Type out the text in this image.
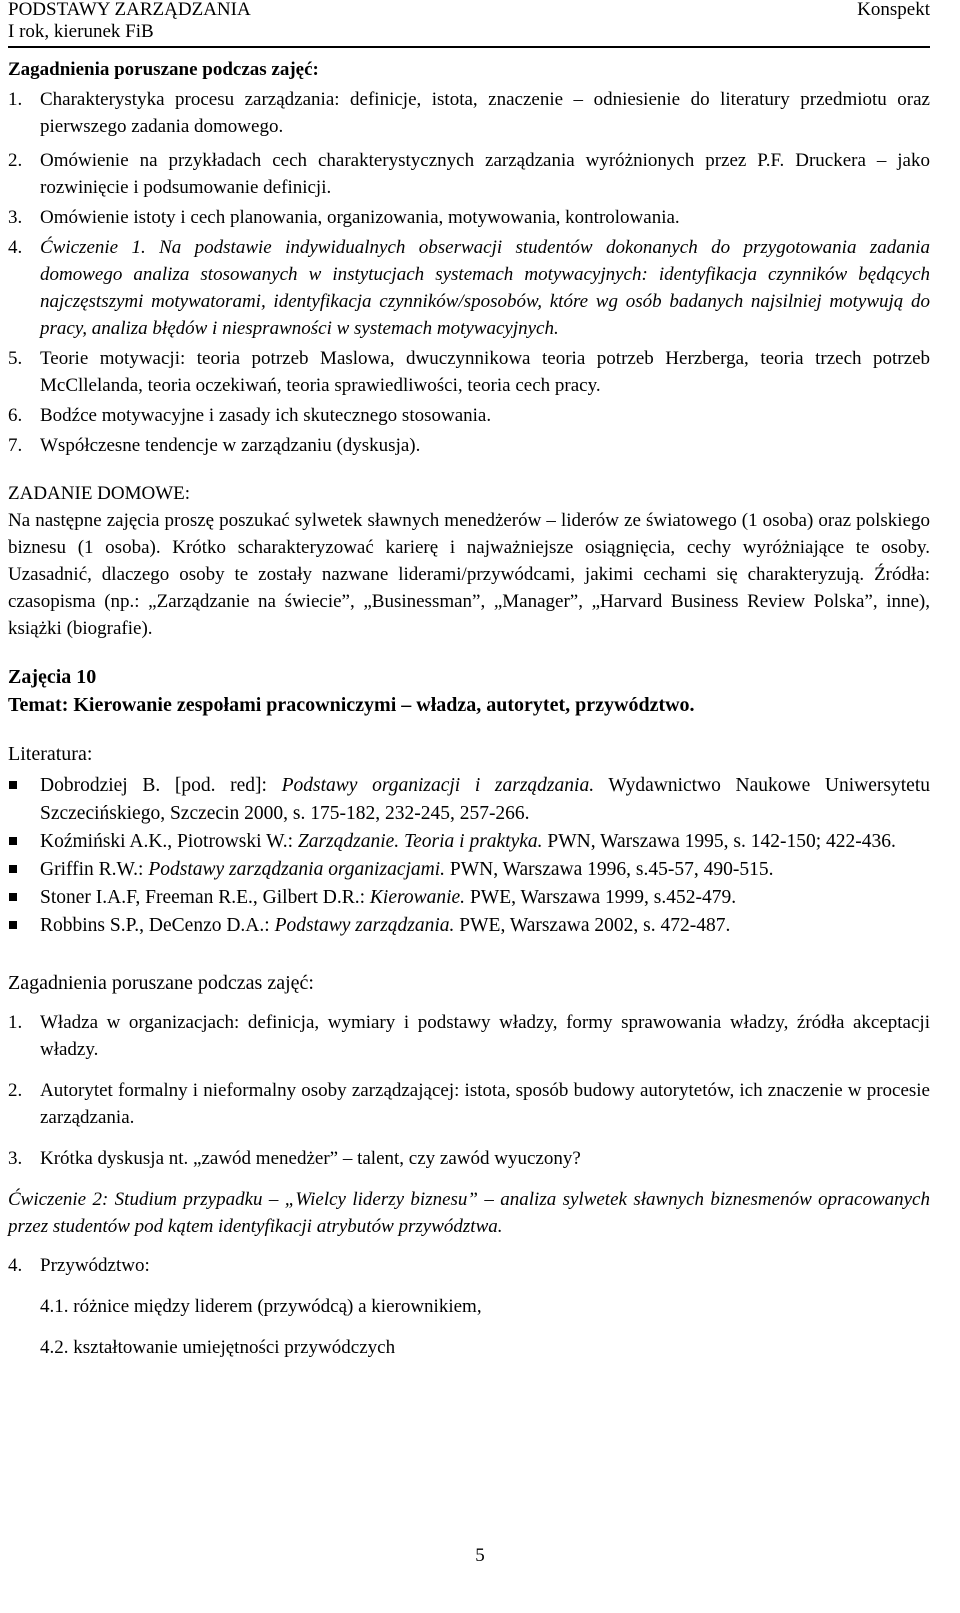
PODSTAWY ZARZĄDZANIA
I rok, kierunek FiB
Konspekt
Zagadnienia poruszane podczas zajęć:
1. Charakterystyka procesu zarządzania: definicje, istota, znaczenie – odniesienie do literatury przedmiotu oraz pierwszego zadania domowego.
2. Omówienie na przykładach cech charakterystycznych zarządzania wyróżnionych przez P.F. Druckera – jako rozwinięcie i podsumowanie definicji.
3. Omówienie istoty i cech planowania, organizowania, motywowania, kontrolowania.
4. Ćwiczenie 1. Na podstawie indywidualnych obserwacji studentów dokonanych do przygotowania zadania domowego analiza stosowanych w instytucjach systemach motywacyjnych: identyfikacja czynników będących najczęstszymi motywatorami, identyfikacja czynników/sposobów, które wg osób badanych najsilniej motywują do pracy, analiza błędów i niesprawności w systemach motywacyjnych.
5. Teorie motywacji: teoria potrzeb Maslowa, dwuczynnikowa teoria potrzeb Herzberga, teoria trzech potrzeb McCllelanda, teoria oczekiwań, teoria sprawiedliwości, teoria cech pracy.
6. Bodźce motywacyjne i zasady ich skutecznego stosowania.
7. Współczesne tendencje w zarządzaniu (dyskusja).
ZADANIE DOMOWE:
Na następne zajęcia proszę poszukać sylwetek sławnych menedżerów – liderów ze światowego (1 osoba) oraz polskiego biznesu (1 osoba). Krótko scharakteryzować karierę i najważniejsze osiągnięcia, cechy wyróżniające te osoby. Uzasadnić, dlaczego osoby te zostały nazwane liderami/przywódcami, jakimi cechami się charakteryzują. Źródła: czasopisma (np.: „Zarządzanie na świecie”, „Businessman”, „Manager”, „Harvard Business Review Polska”, inne), książki (biografie).
Zajęcia 10
Temat: Kierowanie zespołami pracowniczymi – władza, autorytet, przywództwo.
Literatura:
Dobrodziej B. [pod. red]: Podstawy organizacji i zarządzania. Wydawnictwo Naukowe Uniwersytetu Szczecińskiego, Szczecin 2000, s. 175-182, 232-245, 257-266.
Koźmiński A.K., Piotrowski W.: Zarządzanie. Teoria i praktyka. PWN, Warszawa 1995, s. 142-150; 422-436.
Griffin R.W.: Podstawy zarządzania organizacjami. PWN, Warszawa 1996, s.45-57, 490-515.
Stoner I.A.F, Freeman R.E., Gilbert D.R.: Kierowanie. PWE, Warszawa 1999, s.452-479.
Robbins S.P., DeCenzo D.A.: Podstawy zarządzania. PWE, Warszawa 2002, s. 472-487.
Zagadnienia poruszane podczas zajęć:
1. Władza w organizacjach: definicja, wymiary i podstawy władzy, formy sprawowania władzy, źródła akceptacji władzy.
2. Autorytet formalny i nieformalny osoby zarządzającej: istota, sposób budowy autorytetów, ich znaczenie w procesie zarządzania.
3. Krótka dyskusja nt. „zawód menedżer” – talent, czy zawód wyuczony?
Ćwiczenie 2: Studium przypadku – „Wielcy liderzy biznesu” – analiza sylwetek sławnych biznesmenów opracowanych przez studentów pod kątem identyfikacji atrybutów przywództwa.
4. Przywództwo:
4.1. różnice między liderem (przywódcą) a kierownikiem,
4.2. kształtowanie umiejętności przywódczych
5
